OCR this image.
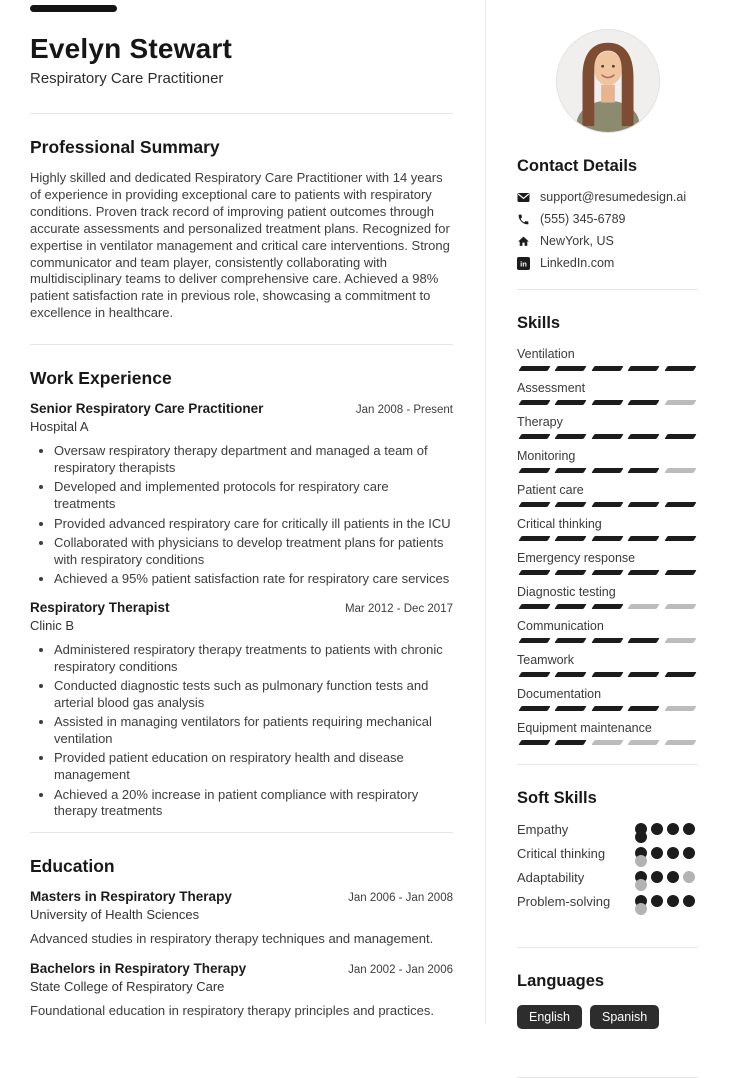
Evelyn Stewart
Respiratory Care Practitioner
Professional Summary

Highly skilled and dedicated Respiratory Care Practitioner with 14 years of experience in providing exceptional care to patients with respiratory conditions. Proven track record of improving patient outcomes through accurate assessments and personalized treatment plans. Recognized for expertise in ventilator management and critical care interventions. Strong communicator and team player, consistently collaborating with multidisciplinary teams to deliver comprehensive care. Achieved a 98% patient satisfaction rate in previous role, showcasing a commitment to excellence in healthcare.

Work Experience
Senior Respiratory Care Practitioner	Jan 2008 - Present
Hospital A
• Oversaw respiratory therapy department and managed a team of respiratory therapists
• Developed and implemented protocols for respiratory care treatments
• Provided advanced respiratory care for critically ill patients in the ICU
• Collaborated with physicians to develop treatment plans for patients with respiratory conditions
• Achieved a 95% patient satisfaction rate for respiratory care services
Respiratory Therapist	Mar 2012 - Dec 2017
Clinic B
• Administered respiratory therapy treatments to patients with chronic respiratory conditions
• Conducted diagnostic tests such as pulmonary function tests and arterial blood gas analysis
• Assisted in managing ventilators for patients requiring mechanical ventilation
• Provided patient education on respiratory health and disease management
• Achieved a 20% increase in patient compliance with respiratory therapy treatments
Education
Masters in Respiratory Therapy	Jan 2006 - Jan 2008
University of Health Sciences
Advanced studies in respiratory therapy techniques and management.
Bachelors in Respiratory Therapy	Jan 2002 - Jan 2006
State College of Respiratory Care
Foundational education in respiratory therapy principles and practices.
Contact Details
support@resumedesign.ai
(555) 345-6789
NewYork, US
in LinkedIn.com
Skills
Ventilation
Assessment
Therapy
Monitoring
Patient care
Critical thinking
Emergency response
Diagnostic testing
Communication
Teamwork
Documentation
Equipment maintenance
Soft Skills
Empathy
Critical thinking
Adaptability
Problem-solving
Languages
English	Spanish
